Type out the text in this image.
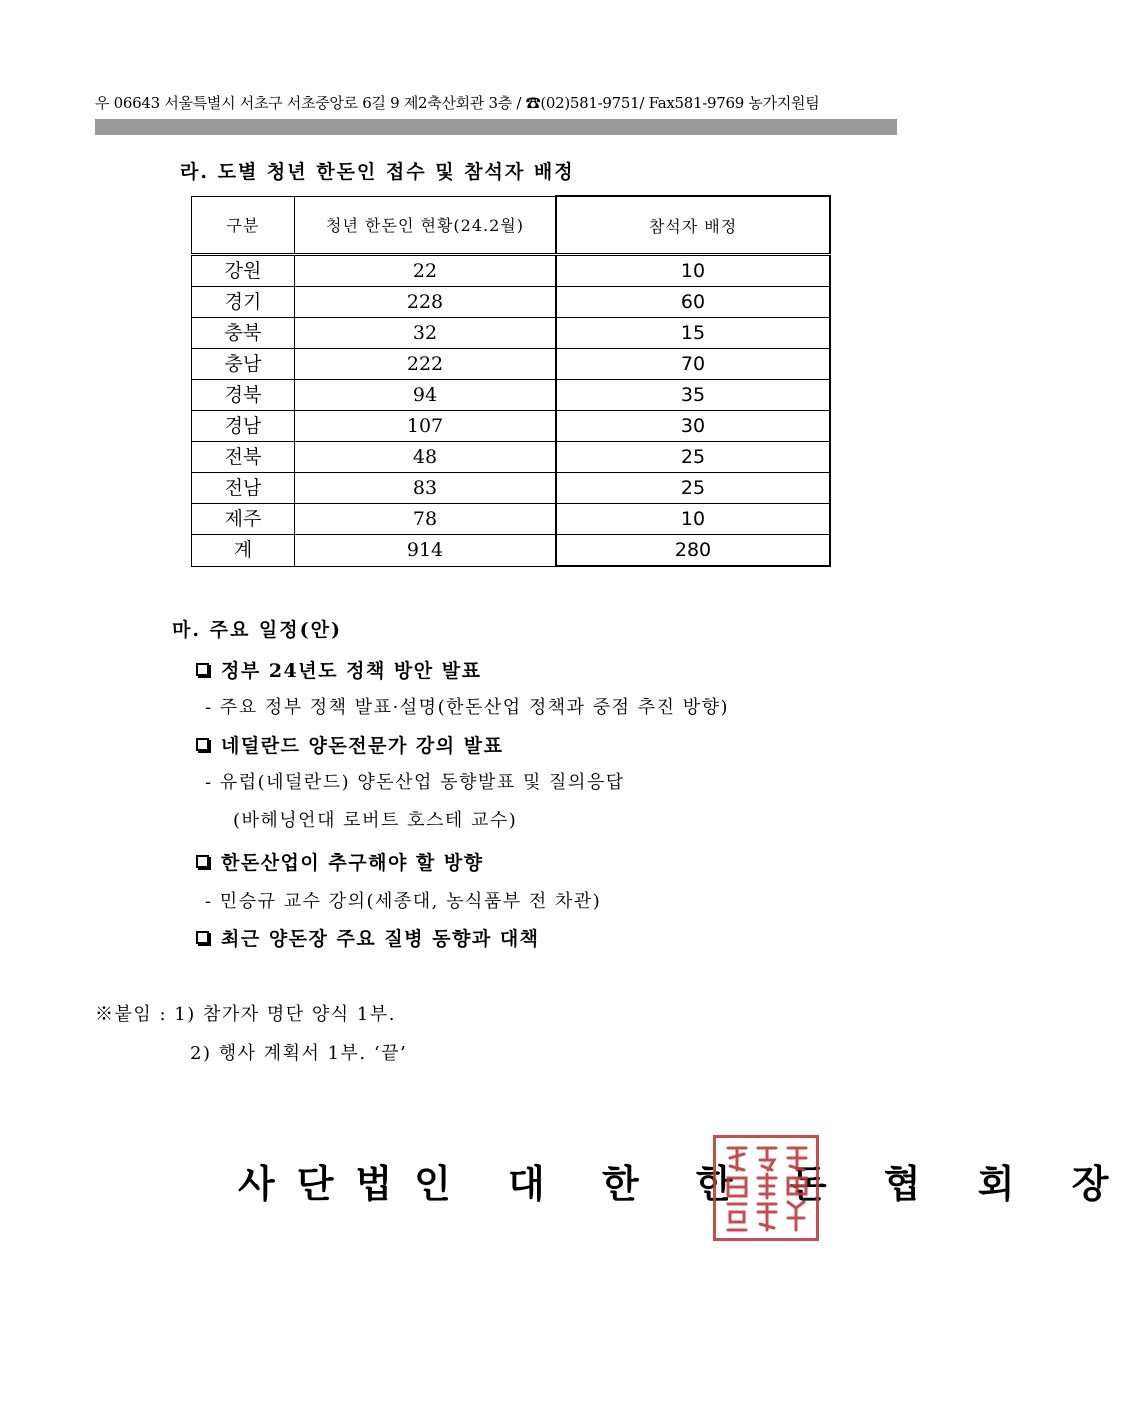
우 06643 서울특별시 서초구 서초중앙로 6길 9 제2축산회관 3층 / ☎(02)581-9751/ Fax581-9769 농가지원팀
라. 도별 청년 한돈인 접수 및 참석자 배정
구분	청년 한돈인 현황(24.2월)	참석자 배정
강원	22	10
경기	228	60
충북	32	15
충남	222	70
경북	94	35
경남	107	30
전북	48	25
전남	83	25
제주	78	10
계	914	280
마. 주요 일정(안)
정부 24년도 정책 방안 발표
- 주요 정부 정책 발표·설명(한돈산업 정책과 중점 추진 방향)
네덜란드 양돈전문가 강의 발표
- 유럽(네덜란드) 양돈산업 동향발표 및 질의응답
(바헤닝언대 로버트 호스테 교수)
한돈산업이 추구해야 할 방향
- 민승규 교수 강의(세종대, 농식품부 전 차관)
최근 양돈장 주요 질병 동향과 대책
※붙임 : 1) 참가자 명단 양식 1부.
2) 행사 계획서 1부. ‘끝’
사단법인 대 한 한 돈 협 회 장
